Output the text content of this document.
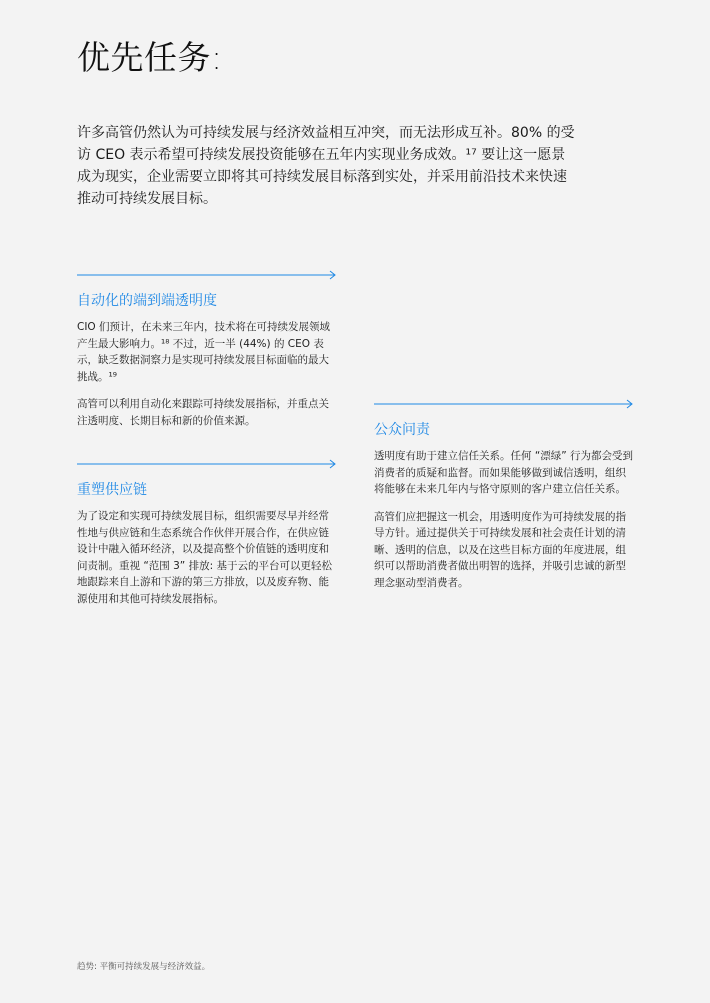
优先任务:

许多高管仍然认为可持续发展与经济效益相互冲突，而无法形成互补。80% 的受访 CEO 表示希望可持续发展投资能够在五年内实现业务成效。¹⁷ 要让这一愿景成为现实，企业需要立即将其可持续发展目标落到实处，并采用前沿技术来快速推动可持续发展目标。

自动化的端到端透明度

CIO 们预计，在未来三年内，技术将在可持续发展领域产生最大影响力。¹⁸ 不过，近一半 (44%) 的 CEO 表示，缺乏数据洞察力是实现可持续发展目标面临的最大挑战。¹⁹

高管可以利用自动化来跟踪可持续发展指标，并重点关注透明度、长期目标和新的价值来源。

重塑供应链

为了设定和实现可持续发展目标，组织需要尽早并经常性地与供应链和生态系统合作伙伴开展合作，在供应链设计中融入循环经济，以及提高整个价值链的透明度和问责制。重视 “范围 3” 排放: 基于云的平台可以更轻松地跟踪来自上游和下游的第三方排放，以及废弃物、能源使用和其他可持续发展指标。

公众问责

透明度有助于建立信任关系。任何 “漂绿” 行为都会受到消费者的质疑和监督。而如果能够做到诚信透明，组织将能够在未来几年内与恪守原则的客户建立信任关系。

高管们应把握这一机会，用透明度作为可持续发展的指导方针。通过提供关于可持续发展和社会责任计划的清晰、透明的信息，以及在这些目标方面的年度进展，组织可以帮助消费者做出明智的选择，并吸引忠诚的新型理念驱动型消费者。

趋势: 平衡可持续发展与经济效益。
